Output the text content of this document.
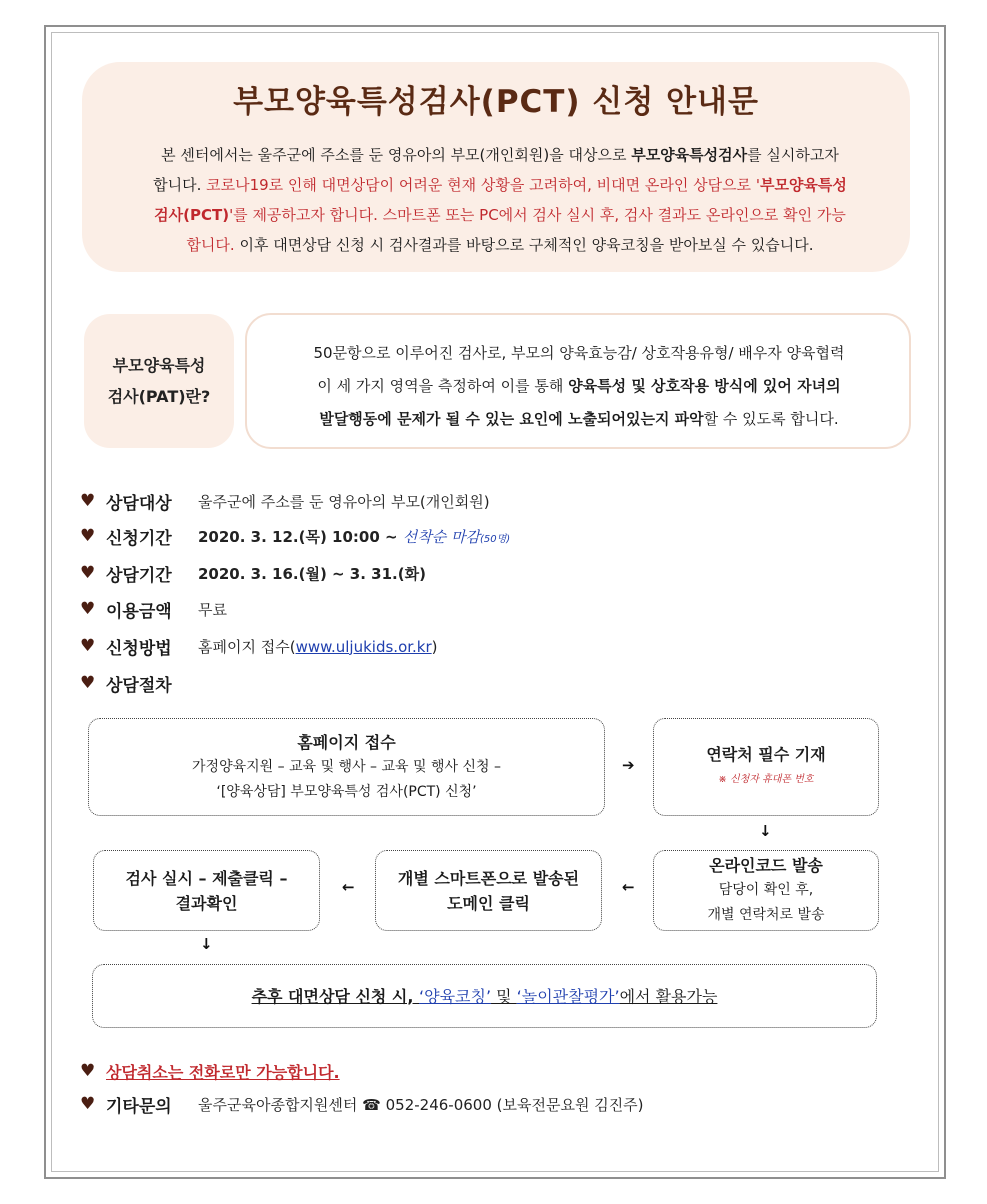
부모양육특성검사(PCT) 신청 안내문
본 센터에서는 울주군에 주소를 둔 영유아의 부모(개인회원)을 대상으로 부모양육특성검사를 실시하고자
합니다. 코로나19로 인해 대면상담이 어려운 현재 상황을 고려하여, 비대면 온라인 상담으로 '부모양육특성
검사(PCT)'를 제공하고자 합니다. 스마트폰 또는 PC에서 검사 실시 후, 검사 결과도 온라인으로 확인 가능
합니다. 이후 대면상담 신청 시 검사결과를 바탕으로 구체적인 양육코칭을 받아보실 수 있습니다.
부모양육특성
검사(PAT)란?
50문항으로 이루어진 검사로, 부모의 양육효능감/ 상호작용유형/ 배우자 양육협력
이 세 가지 영역을 측정하여 이를 통해 양육특성 및 상호작용 방식에 있어 자녀의
발달행동에 문제가 될 수 있는 요인에 노출되어있는지 파악할 수 있도록 합니다.
♥ 상담대상	울주군에 주소를 둔 영유아의 부모(개인회원)
♥ 신청기간	2020. 3. 12.(목) 10:00 ~ 선착순 마감(50명)
♥ 상담기간	2020. 3. 16.(월) ~ 3. 31.(화)
♥ 이용금액	무료
♥ 신청방법	홈페이지 접수(www.uljukids.or.kr)
♥ 상담절차
홈페이지 접수
가정양육지원 – 교육 및 행사 – 교육 및 행사 신청 –
‘[양육상담] 부모양육특성 검사(PCT) 신청’
➔
연락처 필수 기재
※ 신청자 휴대폰 번호
↓
온라인코드 발송
담당이 확인 후,
개별 연락처로 발송
←
개별 스마트폰으로 발송된
도메인 클릭
←
검사 실시 – 제출클릭 –
결과확인
↓
추후 대면상담 신청 시, ‘양육코칭’ 및 ‘놀이관찰평가’에서 활용가능
♥ 상담취소는 전화로만 가능합니다.
♥ 기타문의	울주군육아종합지원센터 ☎ 052-246-0600 (보육전문요원 김진주)
